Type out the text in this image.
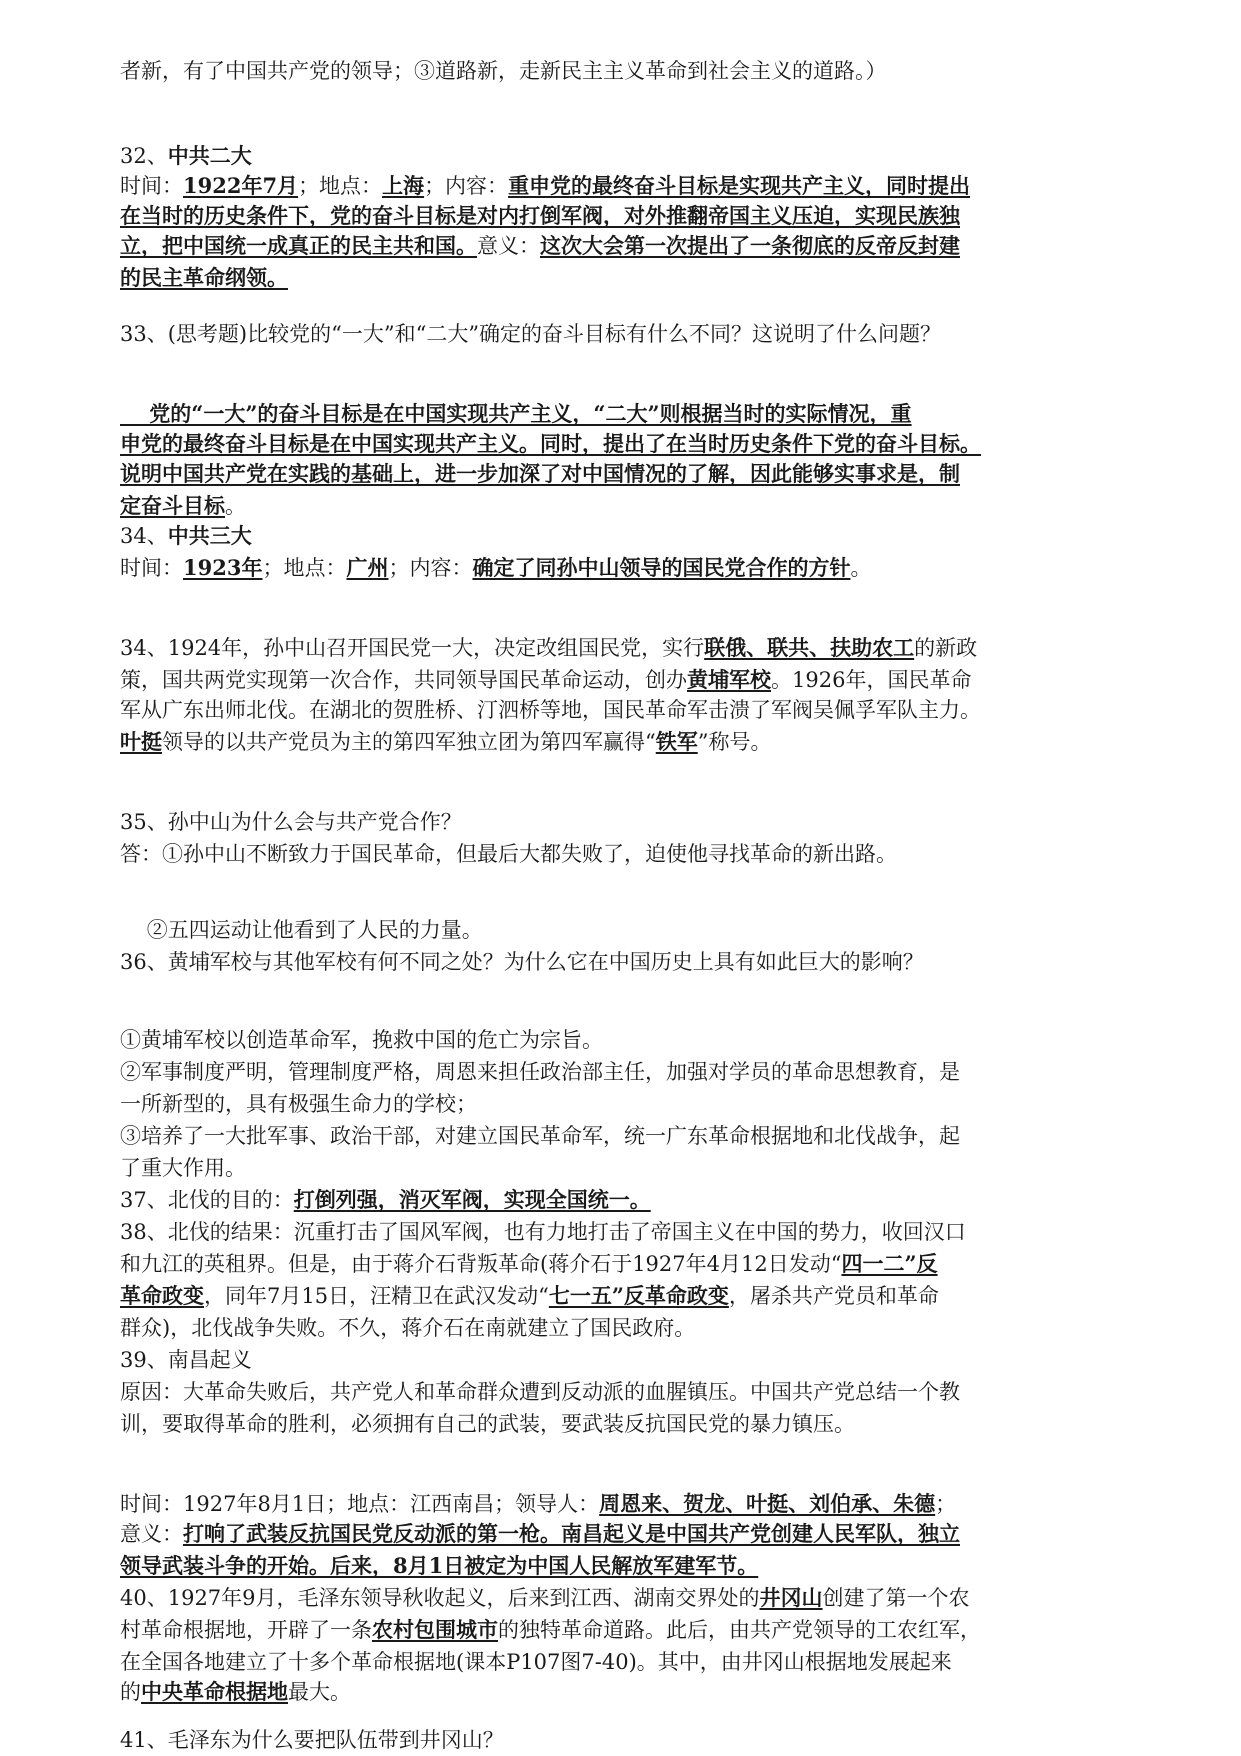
者新，有了中国共产党的领导；③道路新，走新民主主义革命到社会主义的道路。）
32、中共二大
时间：1922年7月；地点：上海；内容：重申党的最终奋斗目标是实现共产主义，同时提出
在当时的历史条件下，党的奋斗目标是对内打倒军阀，对外推翻帝国主义压迫，实现民族独
立，把中国统一成真正的民主共和国。意义：这次大会第一次提出了一条彻底的反帝反封建
的民主革命纲领。
33、(思考题)比较党的“一大”和“二大”确定的奋斗目标有什么不同？这说明了什么问题？
党的“一大”的奋斗目标是在中国实现共产主义，“二大”则根据当时的实际情况，重
申党的最终奋斗目标是在中国实现共产主义。同时，提出了在当时历史条件下党的奋斗目标。
说明中国共产党在实践的基础上，进一步加深了对中国情况的了解，因此能够实事求是，制
定奋斗目标。
34、中共三大
时间：1923年；地点：广州；内容：确定了同孙中山领导的国民党合作的方针。
34、1924年，孙中山召开国民党一大，决定改组国民党，实行联俄、联共、扶助农工的新政
策，国共两党实现第一次合作，共同领导国民革命运动，创办黄埔军校。1926年，国民革命
军从广东出师北伐。在湖北的贺胜桥、汀泗桥等地，国民革命军击溃了军阀吴佩孚军队主力。
叶挺领导的以共产党员为主的第四军独立团为第四军赢得“铁军”称号。
35、孙中山为什么会与共产党合作？
答：①孙中山不断致力于国民革命，但最后大都失败了，迫使他寻找革命的新出路。
②五四运动让他看到了人民的力量。
36、黄埔军校与其他军校有何不同之处？为什么它在中国历史上具有如此巨大的影响？
①黄埔军校以创造革命军，挽救中国的危亡为宗旨。
②军事制度严明，管理制度严格，周恩来担任政治部主任，加强对学员的革命思想教育，是
一所新型的，具有极强生命力的学校；
③培养了一大批军事、政治干部，对建立国民革命军，统一广东革命根据地和北伐战争，起
了重大作用。
37、北伐的目的：打倒列强，消灭军阀，实现全国统一。
38、北伐的结果：沉重打击了国风军阀，也有力地打击了帝国主义在中国的势力，收回汉口
和九江的英租界。但是，由于蒋介石背叛革命(蒋介石于1927年4月12日发动“四一二”反
革命政变，同年7月15日，汪精卫在武汉发动“七一五”反革命政变，屠杀共产党员和革命
群众)，北伐战争失败。不久，蒋介石在南就建立了国民政府。
39、南昌起义
原因：大革命失败后，共产党人和革命群众遭到反动派的血腥镇压。中国共产党总结一个教
训，要取得革命的胜利，必须拥有自己的武装，要武装反抗国民党的暴力镇压。
时间：1927年8月1日；地点：江西南昌；领导人：周恩来、贺龙、叶挺、刘伯承、朱德；
意义：打响了武装反抗国民党反动派的第一枪。南昌起义是中国共产党创建人民军队，独立
领导武装斗争的开始。后来，8月1日被定为中国人民解放军建军节。
40、1927年9月，毛泽东领导秋收起义，后来到江西、湖南交界处的井冈山创建了第一个农
村革命根据地，开辟了一条农村包围城市的独特革命道路。此后，由共产党领导的工农红军，
在全国各地建立了十多个革命根据地(课本P107图7-40)。其中，由井冈山根据地发展起来
的中央革命根据地最大。
41、毛泽东为什么要把队伍带到井冈山？
